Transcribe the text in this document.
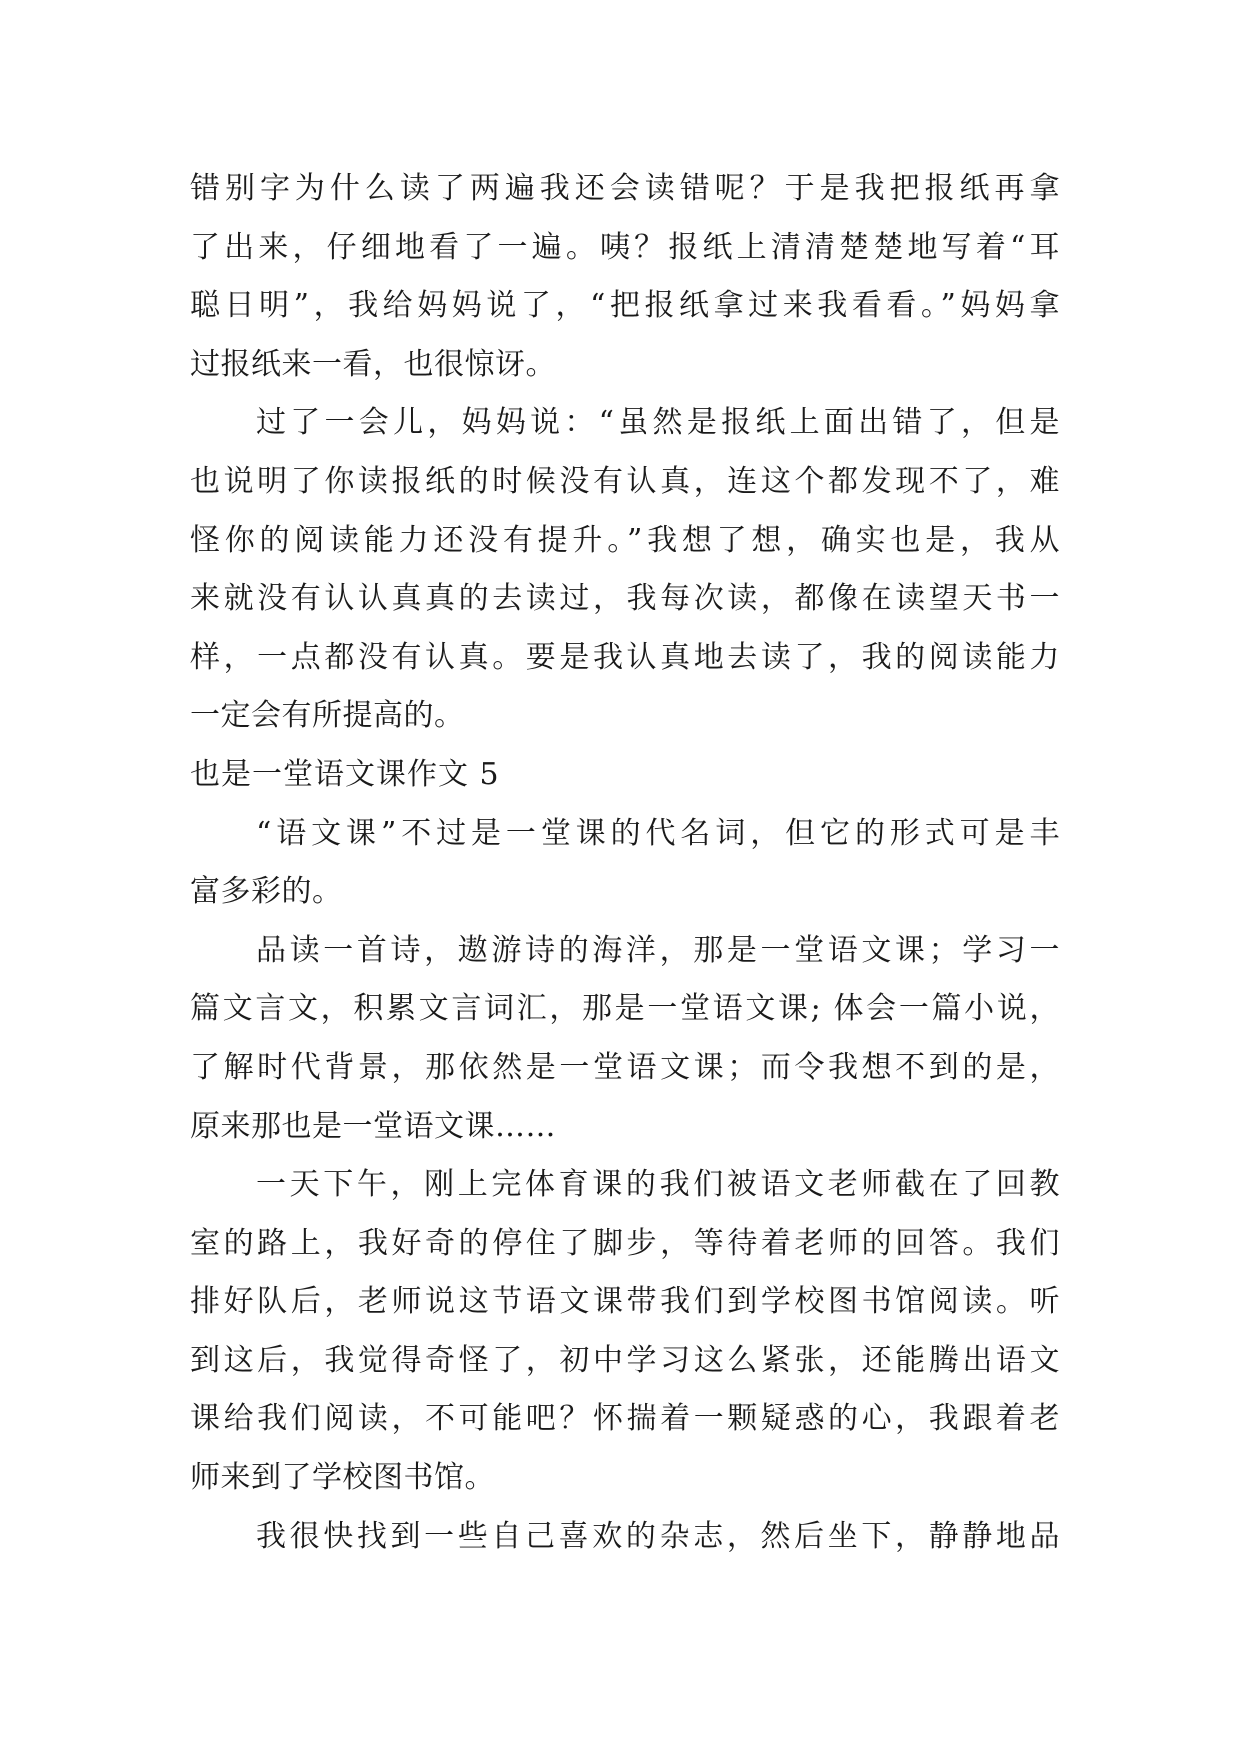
错别字为什么读了两遍我还会读错呢？于是我把报纸再拿
了出来，仔细地看了一遍。咦？报纸上清清楚楚地写着“耳
聪日明”，我给妈妈说了，“把报纸拿过来我看看。”妈妈拿
过报纸来一看，也很惊讶。
过了一会儿，妈妈说：“虽然是报纸上面出错了，但是
也说明了你读报纸的时候没有认真，连这个都发现不了，难
怪你的阅读能力还没有提升。”我想了想，确实也是，我从
来就没有认认真真的去读过，我每次读，都像在读望天书一
样，一点都没有认真。要是我认真地去读了，我的阅读能力
一定会有所提高的。
也是一堂语文课作文 5
“语文课”不过是一堂课的代名词，但它的形式可是丰
富多彩的。
品读一首诗，遨游诗的海洋，那是一堂语文课；学习一
篇文言文，积累文言词汇，那是一堂语文课; 体会一篇小说，
了解时代背景，那依然是一堂语文课；而令我想不到的是，
原来那也是一堂语文课……
一天下午，刚上完体育课的我们被语文老师截在了回教
室的路上，我好奇的停住了脚步，等待着老师的回答。我们
排好队后，老师说这节语文课带我们到学校图书馆阅读。听
到这后，我觉得奇怪了，初中学习这么紧张，还能腾出语文
课给我们阅读，不可能吧？怀揣着一颗疑惑的心，我跟着老
师来到了学校图书馆。
我很快找到一些自己喜欢的杂志，然后坐下，静静地品
